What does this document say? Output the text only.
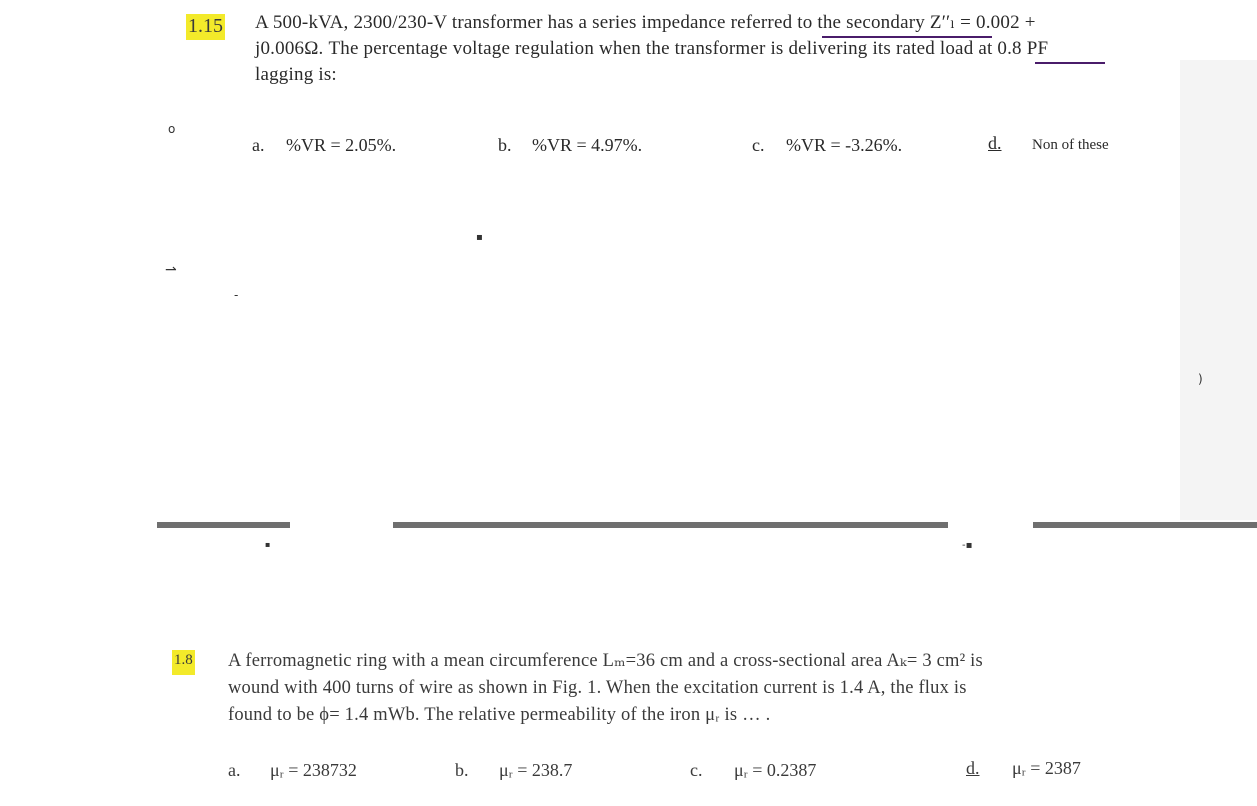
1.15 A 500-kVA, 2300/230-V transformer has a series impedance referred to the secondary Z′′ₗ = 0.002 +
j0.006Ω. The percentage voltage regulation when the transformer is delivering its rated load at 0.8 PF
lagging is:
o
a. %VR = 2.05%.	b. %VR = 4.97%.	c. %VR = -3.26%.	d. Non of these
▪
⇀
-
)
▪	-▪
1.8 A ferromagnetic ring with a mean circumference Lₘ=36 cm and a cross-sectional area Aₖ= 3 cm² is
wound with 400 turns of wire as shown in Fig. 1. When the excitation current is 1.4 A, the flux is
found to be ϕ= 1.4 mWb. The relative permeability of the iron μᵣ is … .
a. μᵣ = 238732	b. μᵣ = 238.7	c. μᵣ = 0.2387	d. μᵣ = 2387
